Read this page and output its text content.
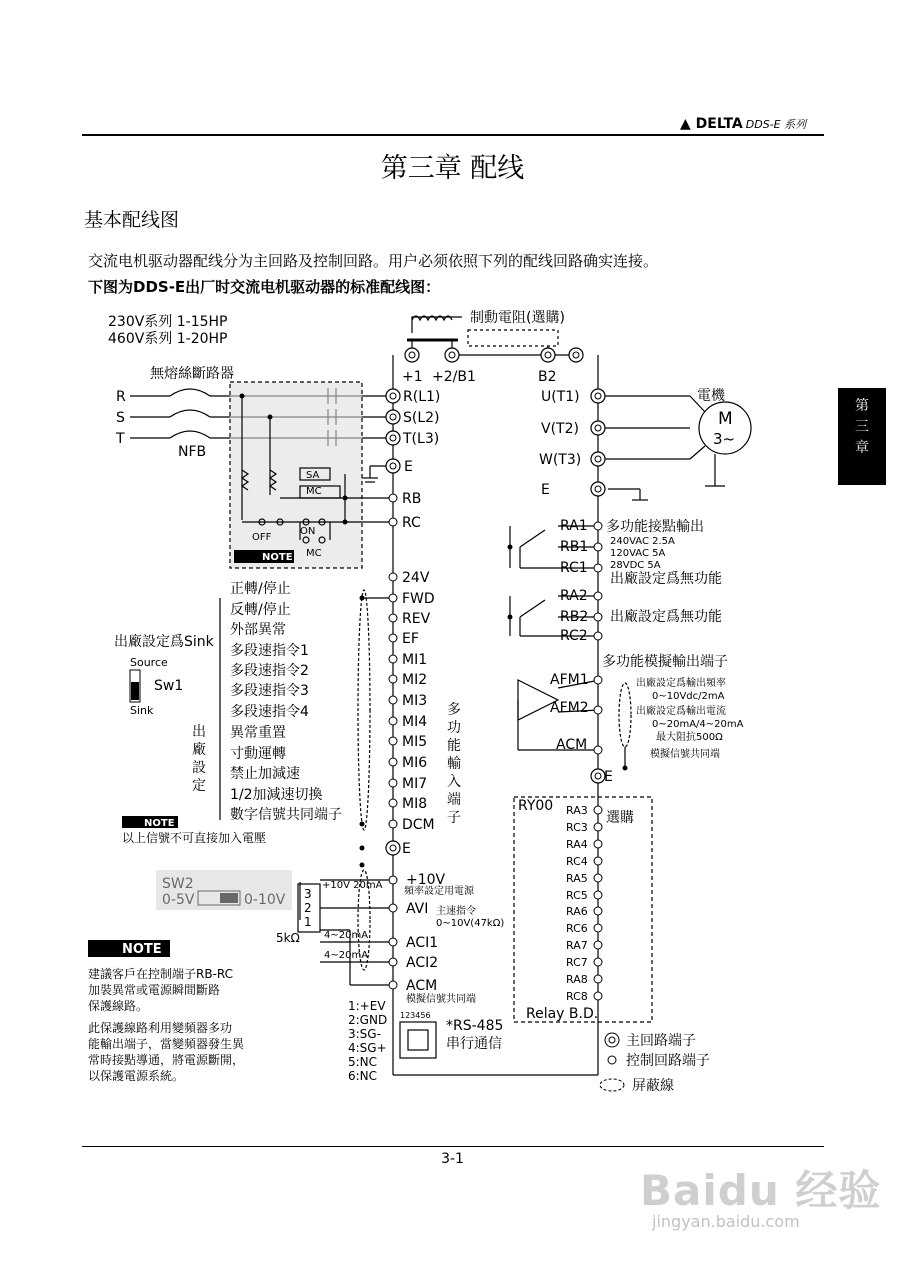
▲ DELTA DDS-E 系列
第三章 配线
基本配线图
交流电机驱动器配线分为主回路及控制回路。用户必须依照下列的配线回路确实连接。
下图为DDS-E出厂时交流电机驱动器的标准配线图：
第
三
章
230V系列 1-15HP
460V系列 1-20HP
制動電阻(選購)
+1 +2/B1	B2
無熔絲斷路器
R
S
T
NFB
R(L1)
S(L2)
T(L3)
E
U(T1)
V(T2)
W(T3)
E
電機
M
3~
SA
MC
ON
OFF
MC
RB
RC
24V
FWD
REV
EF
MI1
MI2
MI3
MI4
MI5
MI6
MI7
MI8
DCM
E
正轉/停止
反轉/停止
外部異常
多段速指令1
多段速指令2
多段速指令3
多段速指令4
異常重置
寸動運轉
禁止加減速
1/2加減速切換
數字信號共同端子
出廠設定爲Sink
Source
Sink
Sw1
出
廠
設
定
多
功
能
輸
入
端
子
以上信號不可直接加入電壓
3
2
1
5kΩ
+10V
AVI
ACI1
ACI2
ACM
+10V 20mA
頻率設定用電源
主速指令
0~10V(47kΩ)
4~20mA
4~20mA
模擬信號共同端
123456
1:+EV
2:GND
3:SG-
4:SG+
5:NC
6:NC
*RS-485
串行通信
RA1
RB1
RC1
RA2
RB2
RC2
多功能接點輸出
240VAC 2.5A
120VAC 5A
28VDC 5A
出廠設定爲無功能
出廠設定爲無功能
多功能模擬輸出端子
AFM1
AFM2
ACM
出廠設定爲輸出頻率
0~10Vdc/2mA
出廠設定爲輸出電流
0~20mA/4~20mA
最大阻抗500Ω
模擬信號共同端
E
RY00
選購
RA3
RC3
RA4
RC4
RA5
RC5
RA6
RC6
RA7
RC7
RA8
RC8
Relay B.D.
主回路端子
控制回路端子
屏蔽線
建議客戶在控制端子RB-RC
加裝異常或電源瞬間斷路
保護線路。
此保護線路利用變頻器多功
能輸出端子，當變頻器發生異
常時接點導通，將電源斷開，
以保護電源系統。
NOTE
NOTE
NOTE
3-1
Baidu 经验
jingyan.baidu.com
